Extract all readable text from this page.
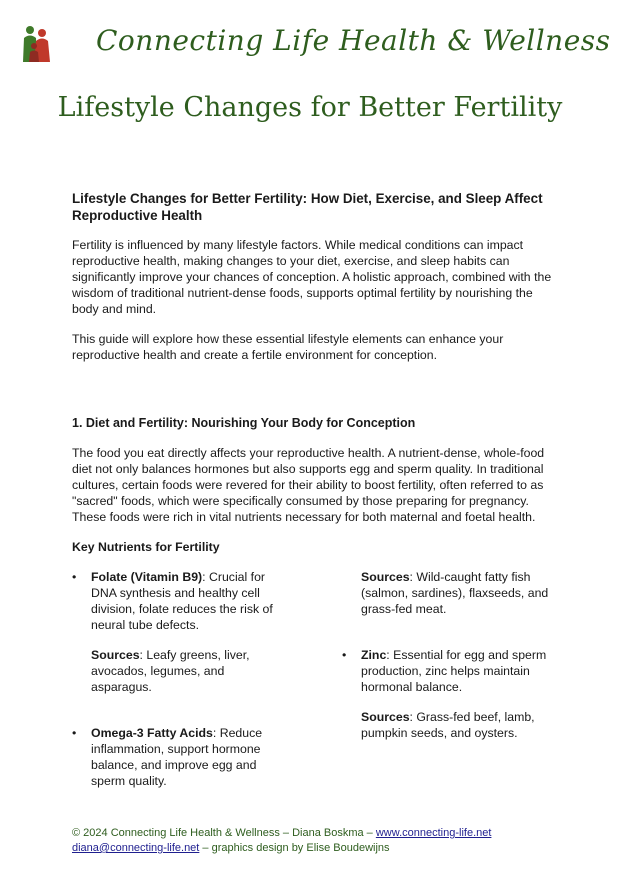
Connecting Life Health & Wellness
Lifestyle Changes for Better Fertility
Lifestyle Changes for Better Fertility: How Diet, Exercise, and Sleep Affect Reproductive Health

Fertility is influenced by many lifestyle factors. While medical conditions can impact reproductive health, making changes to your diet, exercise, and sleep habits can significantly improve your chances of conception. A holistic approach, combined with the wisdom of traditional nutrient-dense foods, supports optimal fertility by nourishing the body and mind.

This guide will explore how these essential lifestyle elements can enhance your reproductive health and create a fertile environment for conception.

1. Diet and Fertility: Nourishing Your Body for Conception

The food you eat directly affects your reproductive health. A nutrient-dense, whole-food diet not only balances hormones but also supports egg and sperm quality. In traditional cultures, certain foods were revered for their ability to boost fertility, often referred to as "sacred" foods, which were specifically consumed by those preparing for pregnancy. These foods were rich in vital nutrients necessary for both maternal and foetal health.

Key Nutrients for Fertility
• Folate (Vitamin B9): Crucial for DNA synthesis and healthy cell division, folate reduces the risk of neural tube defects.
Sources: Leafy greens, liver, avocados, legumes, and asparagus.
• Omega-3 Fatty Acids: Reduce inflammation, support hormone balance, and improve egg and sperm quality.
Sources: Wild-caught fatty fish (salmon, sardines), flaxseeds, and grass-fed meat.
• Zinc: Essential for egg and sperm production, zinc helps maintain hormonal balance.
Sources: Grass-fed beef, lamb, pumpkin seeds, and oysters.
© 2024 Connecting Life Health & Wellness – Diana Boskma – www.connecting-life.net
diana@connecting-life.net – graphics design by Elise Boudewijns
